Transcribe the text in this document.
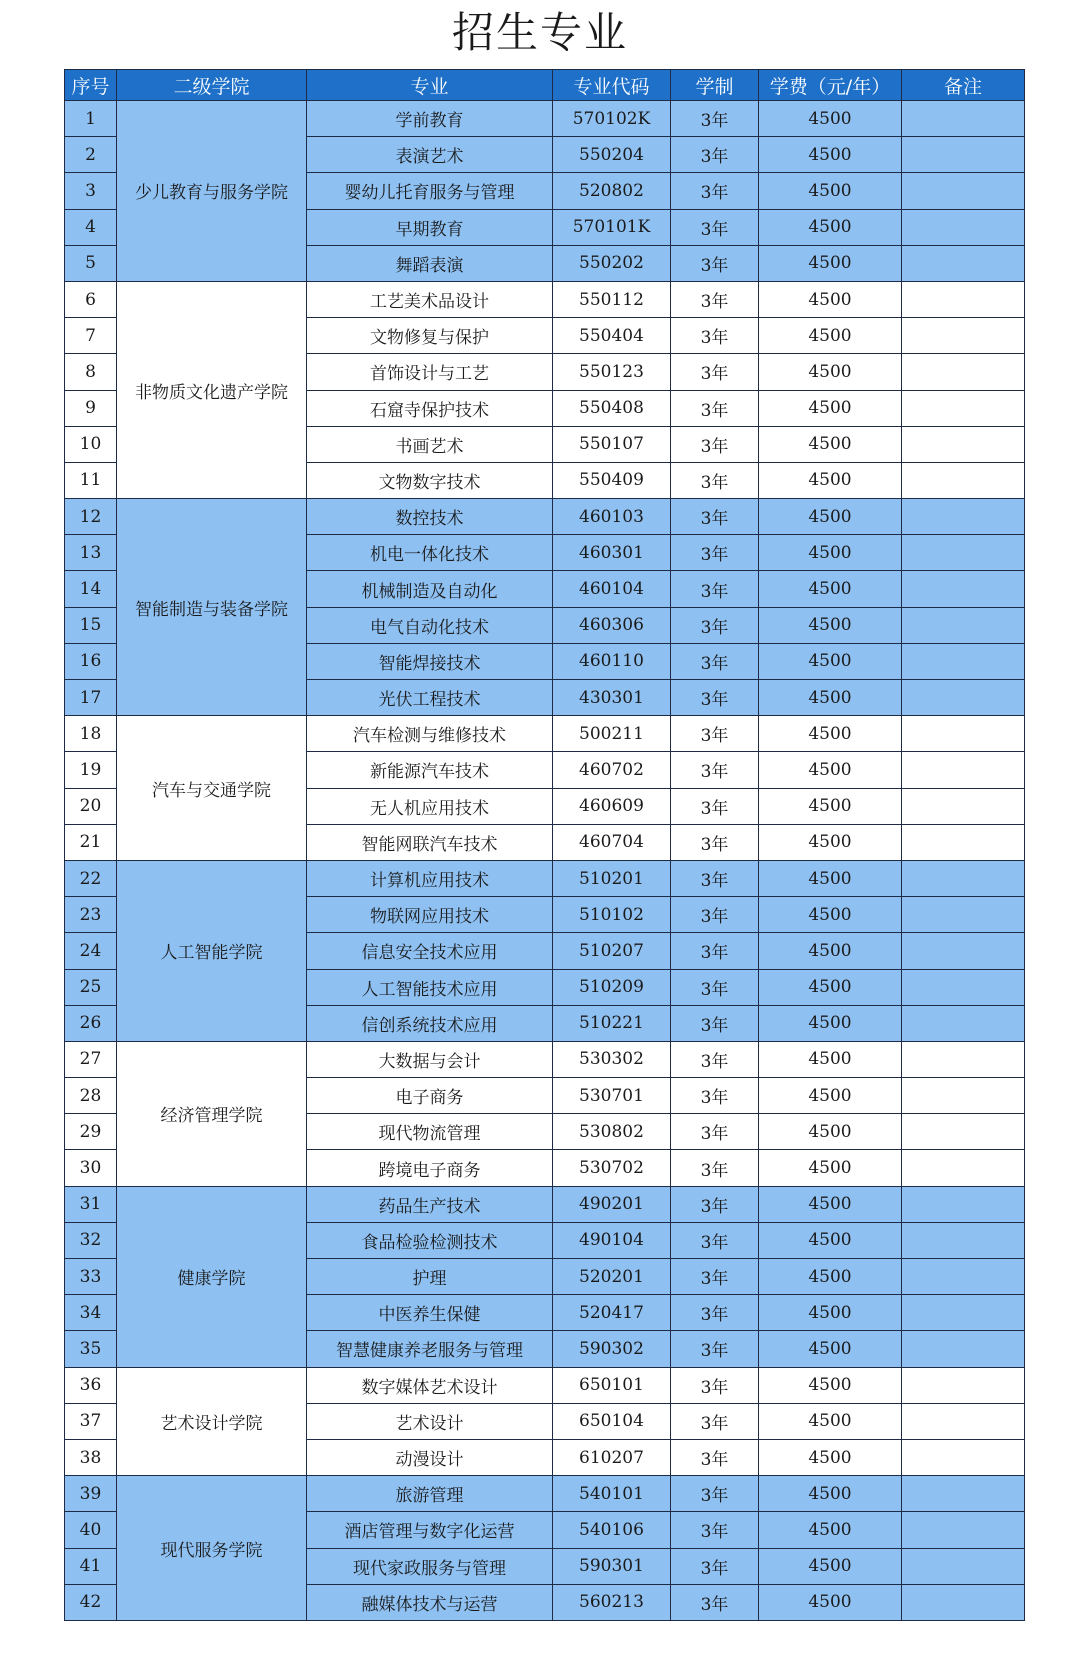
招生专业
序号	二级学院	专业	专业代码	学制	学费（元/年）	备注
1	少儿教育与服务学院	学前教育	570102K	3年	4500	
2		表演艺术	550204	3年	4500	
3		婴幼儿托育服务与管理	520802	3年	4500	
4		早期教育	570101K	3年	4500	
5		舞蹈表演	550202	3年	4500	
6	非物质文化遗产学院	工艺美术品设计	550112	3年	4500	
7		文物修复与保护	550404	3年	4500	
8		首饰设计与工艺	550123	3年	4500	
9		石窟寺保护技术	550408	3年	4500	
10		书画艺术	550107	3年	4500	
11		文物数字技术	550409	3年	4500	
12	智能制造与装备学院	数控技术	460103	3年	4500	
13		机电一体化技术	460301	3年	4500	
14		机械制造及自动化	460104	3年	4500	
15		电气自动化技术	460306	3年	4500	
16		智能焊接技术	460110	3年	4500	
17		光伏工程技术	430301	3年	4500	
18	汽车与交通学院	汽车检测与维修技术	500211	3年	4500	
19		新能源汽车技术	460702	3年	4500	
20		无人机应用技术	460609	3年	4500	
21		智能网联汽车技术	460704	3年	4500	
22	人工智能学院	计算机应用技术	510201	3年	4500	
23		物联网应用技术	510102	3年	4500	
24		信息安全技术应用	510207	3年	4500	
25		人工智能技术应用	510209	3年	4500	
26		信创系统技术应用	510221	3年	4500	
27	经济管理学院	大数据与会计	530302	3年	4500	
28		电子商务	530701	3年	4500	
29		现代物流管理	530802	3年	4500	
30		跨境电子商务	530702	3年	4500	
31	健康学院	药品生产技术	490201	3年	4500	
32		食品检验检测技术	490104	3年	4500	
33		护理	520201	3年	4500	
34		中医养生保健	520417	3年	4500	
35		智慧健康养老服务与管理	590302	3年	4500	
36	艺术设计学院	数字媒体艺术设计	650101	3年	4500	
37		艺术设计	650104	3年	4500	
38		动漫设计	610207	3年	4500	
39	现代服务学院	旅游管理	540101	3年	4500	
40		酒店管理与数字化运营	540106	3年	4500	
41		现代家政服务与管理	590301	3年	4500	
42		融媒体技术与运营	560213	3年	4500	
